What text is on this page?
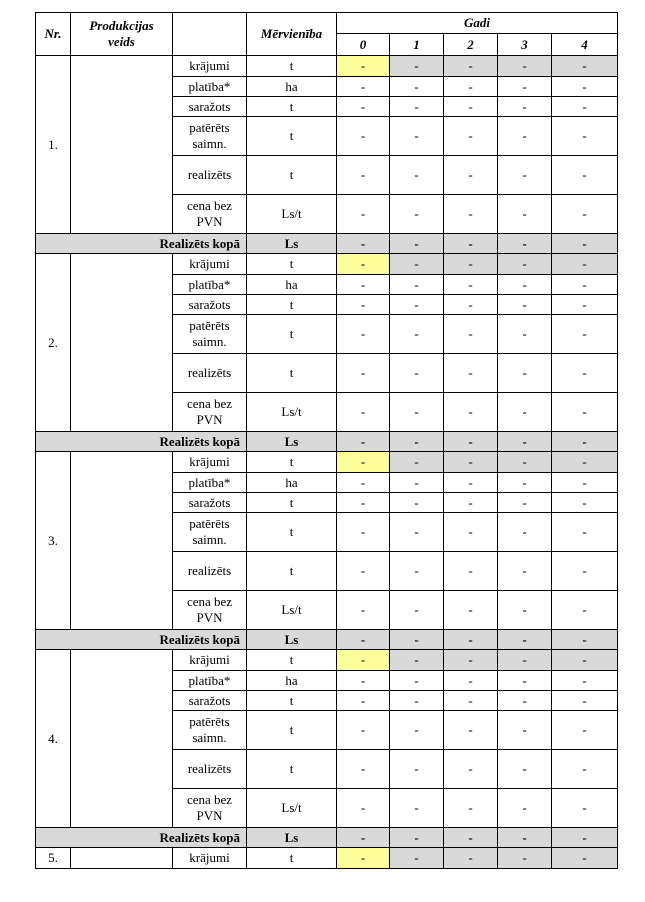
Nr.	Produkcijas
veids		Mērvienība	Gadi				
				0	1	2	3	4
1.		krājumi	t	-	-	-	-	-

		platība*	ha	-	-	-	-	-

		saražots	t	-	-	-	-	-

		patērēts
saimn.	t	-	-	-	-	-

		realizēts	t	-	-	-	-	-

		cena bez
PVN	Ls/t	-	-	-	-	-
Realizēts kopā			Ls	-	-	-	-	-
2.		krājumi	t	-	-	-	-	-

		platība*	ha	-	-	-	-	-

		saražots	t	-	-	-	-	-

		patērēts
saimn.	t	-	-	-	-	-

		realizēts	t	-	-	-	-	-

		cena bez
PVN	Ls/t	-	-	-	-	-
Realizēts kopā			Ls	-	-	-	-	-
3.		krājumi	t	-	-	-	-	-

		platība*	ha	-	-	-	-	-

		saražots	t	-	-	-	-	-

		patērēts
saimn.	t	-	-	-	-	-

		realizēts	t	-	-	-	-	-

		cena bez
PVN	Ls/t	-	-	-	-	-
Realizēts kopā			Ls	-	-	-	-	-
4.		krājumi	t	-	-	-	-	-

		platība*	ha	-	-	-	-	-

		saražots	t	-	-	-	-	-

		patērēts
saimn.	t	-	-	-	-	-

		realizēts	t	-	-	-	-	-

		cena bez
PVN	Ls/t	-	-	-	-	-
Realizēts kopā			Ls	-	-	-	-	-
5.		krājumi	t	-	-	-	-	-
